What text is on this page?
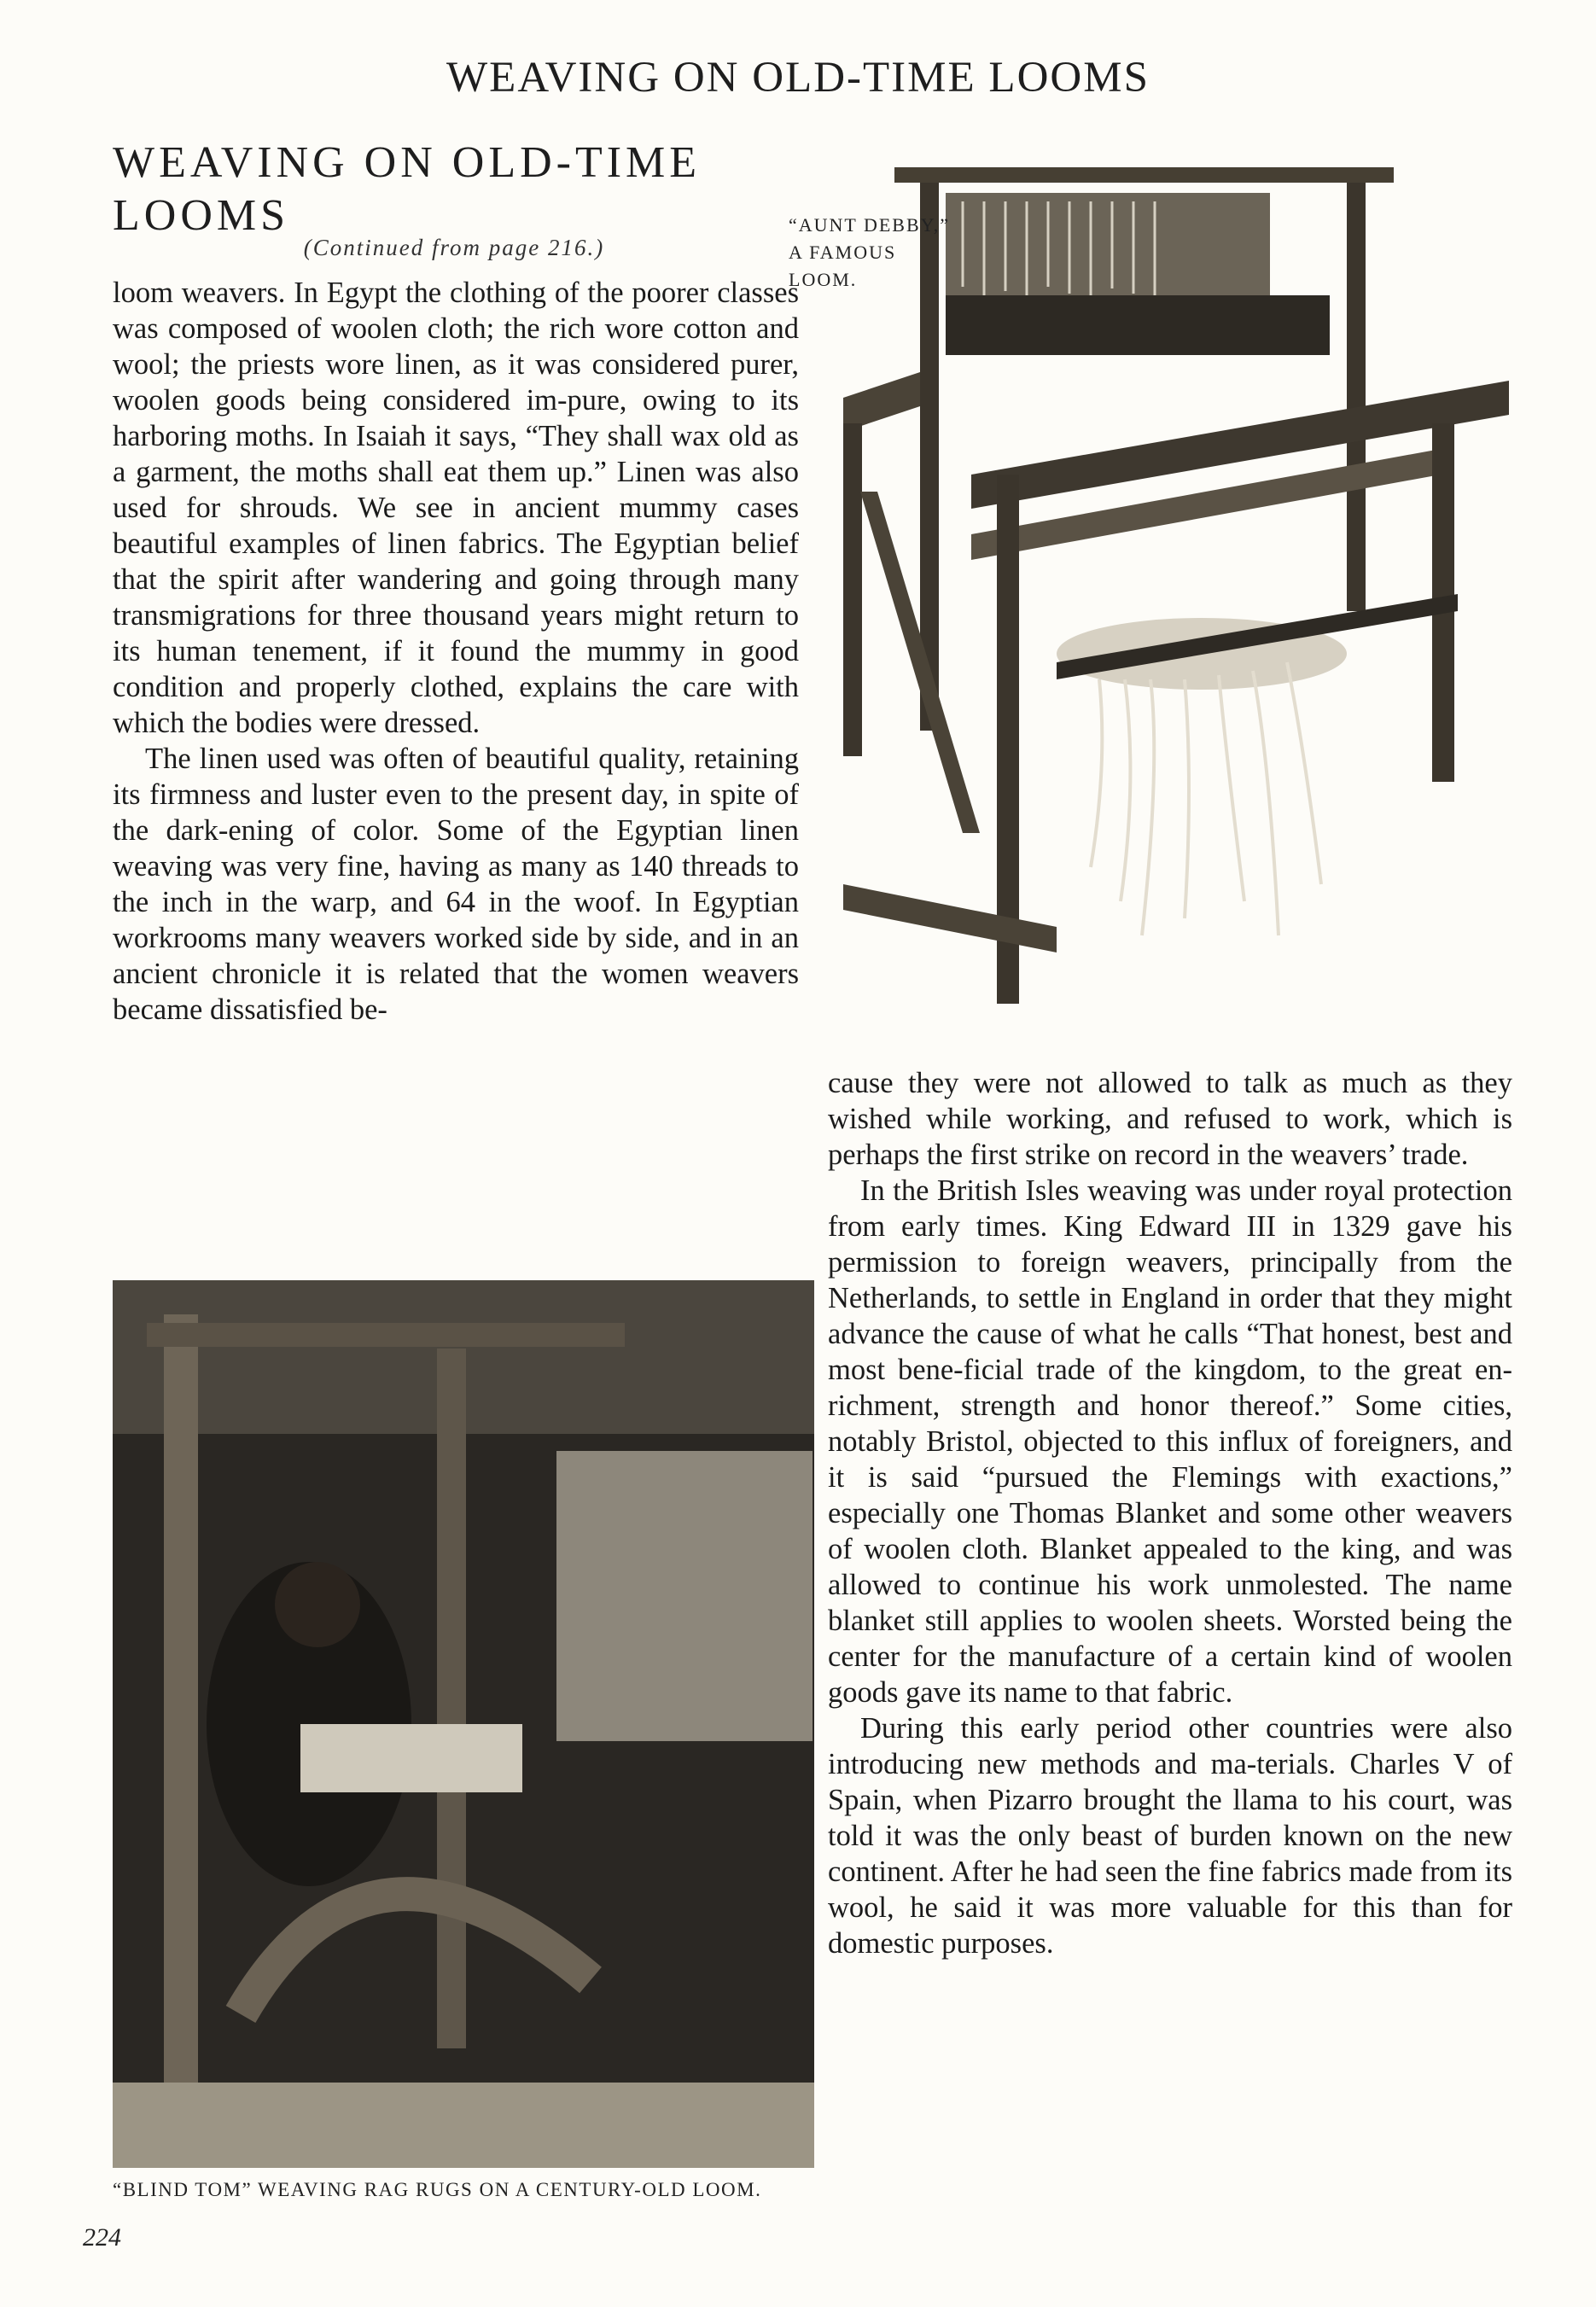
WEAVING ON OLD-TIME LOOMS
WEAVING ON OLD-TIME LOOMS
(Continued from page 216.)

loom weavers. In Egypt the clothing of the poorer classes was composed of woolen cloth; the rich wore cotton and wool; the priests wore linen, as it was considered purer, woolen goods being considered im-pure, owing to its harboring moths. In Isaiah it says, “They shall wax old as a garment, the moths shall eat them up.” Linen was also used for shrouds. We see in ancient mummy cases beautiful examples of linen fabrics. The Egyptian belief that the spirit after wandering and going through many transmigrations for three thousand years might return to its human tenement, if it found the mummy in good condition and properly clothed, explains the care with which the bodies were dressed.

The linen used was often of beautiful quality, retaining its firmness and luster even to the present day, in spite of the dark-ening of color. Some of the Egyptian linen weaving was very fine, having as many as 140 threads to the inch in the warp, and 64 in the woof. In Egyptian workrooms many weavers worked side by side, and in an ancient chronicle it is related that the women weavers became dissatisfied be-

“AUNT DEBBY,” A FAMOUS LOOM.

cause they were not allowed to talk as much as they wished while working, and refused to work, which is perhaps the first strike on record in the weavers’ trade.

In the British Isles weaving was under royal protection from early times. King Edward III in 1329 gave his permission to foreign weavers, principally from the Netherlands, to settle in England in order that they might advance the cause of what he calls “That honest, best and most bene-ficial trade of the kingdom, to the great en-richment, strength and honor thereof.” Some cities, notably Bristol, objected to this influx of foreigners, and it is said “pursued the Flemings with exactions,” especially one Thomas Blanket and some other weavers of woolen cloth. Blanket appealed to the king, and was allowed to continue his work unmolested. The name blanket still applies to woolen sheets. Worsted being the center for the manufacture of a certain kind of woolen goods gave its name to that fabric.

During this early period other countries were also introducing new methods and ma-terials. Charles V of Spain, when Pizarro brought the llama to his court, was told it was the only beast of burden known on the new continent. After he had seen the fine fabrics made from its wool, he said it was more valuable for this than for domestic purposes.

“BLIND TOM” WEAVING RAG RUGS ON A CENTURY-OLD LOOM.
224
